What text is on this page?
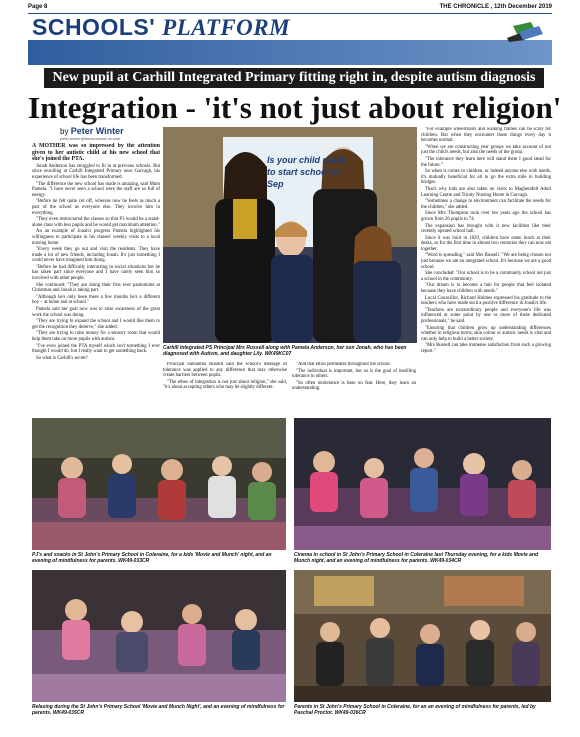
Page 8	THE CHRONICLE , 12th December 2019
SCHOOLS' PLATFORM
New pupil at Carhill Integrated Primary fitting right in, despite autism diagnosis
Integration - 'it's not just about religion'
by Peter Winter
peter.winter@thechronicle.uk.com

A MOTHER was so impressed by the attention given to her autistic child at his new school that she's joined the PTA.

Jonah Anderson has struggled to fit in at previous schools. But since enrolling at Carhill Integrated Primary near Garvagh, his experience of school life has been transformed.

"The difference the new school has made is amazing, said Mum Pamela. "I have never seen a school were the staff are so full of energy.

"Before he felt quite cut off, whereas now he feels as much a part of the school as everyone else. They involve him in everything.

"They even restructured the classes so that P3 would be a stand-alone class with less pupils and he would get maximum attention."

An an example of Jonah's progress Pamela highlighted his willingness to participate in his classes' weekly visits to a local nursing home.

"Every week they go out and visit the residents. They have made a lot of new friends, including Jonah. It's just something I could never have imagined him doing.

"Before he had difficulty interacting in social situations but he has taken part since everyone and I have rarely seen him so involved with other people.

She continued: "They are doing their first ever pantomime at Christmas and Jonah is taking part.

"Although he's only been there a few months he's a different boy – at home and at school."

Pamela said her goal now was to raise awareness of the great work the school was doing.

"They are trying to expand the school and I would like them to get the recognition they deserve," she added.

"They are trying to raise money for a sensory room that would help them take on more pupils with autism.

"I've even joined the PTA myself which isn't something I ever thought I would do, but I really want to get something back.

So what is Carhill's secret?

Is your child ready
to start school in
Sep
Carhill Integrated PS Principal Mrs Russell along with Pamela Anderson, her son Jonah, who has been diagnosed with Autism, and daughter Lily. WK49KC07

Principal Samantha Russell said the school's message of tolerance was applied to any difference that may otherwise create barriers between pupils.

"The ethos of integration is not just about religion," she said, "it's about accepting others who may be slightly different.

"And that ethos permeates throughout the school.

"The individual is important, but so is the goal of instilling tolerance in others.

"So often intolerance is base on fear. Here, they learn an understanding.

"For example wheelchairs and walking frames can be scary for children. But when they encounter those things every day it becomes normal.

"When we are constructing year groups we take account of not just the child's needs, but also the needs of the group.

"The tolerance they learn here will stand them I good stead for the future."

So when it comes to children, or indeed anyone else with needs, it's mutually beneficial for all to go the extra mile in building bridges.

That's why kids are also taken on visits to Magherafelt Adult Learning Centre and Trinity Nursing Home in Garvagh.

"Sometimes a change in environment can facilitate the needs for the children," she added.

Since Mrs Thompson took over ten years ago the school has grown from 26 pupils to 74.

The expansion has brought with it new facilities like their recently opened school hall.

Since it was built in 1829, children have eaten lunch at their desks, so for the first time in almost two centuries they can now eat together.

"Word is spreading," said Mrs Russell. "We are being chosen not just because we are an integrated school. It's because we are a good school.

She concluded: "Our school is to be a community school not just a school in the community.

"Our dream is to become a hub for people that feel isolated because they have children with needs."

Local Councillor, Richard Holmes expressed his gratitude to the teachers who have made such a positive difference in Jonah's life.

"Teachers are extraordinary people and everyone's life was influenced at some point by one or more of these dedicated professionals," he said.

"Ensuring that children grow up understanding differences whether in religious terms, skin colour or autistic needs is vital and can only help to build a better society.

"Mrs Russell can take immense satisfaction from such a glowing report."

PJ's and snacks in St John's Primary School in Coleraine, for a kids 'Movie and Munch' night, and an evening of mindfulness for parents. WK49-033CR
Cinema in school in St John's Primary School in Coleraine last Thursday evening, for a kids Movie and Munch night, and an evening of mindfulness for parents. WK49-034CR
Relaxing during the St John's Primary School 'Movie and Munch Night', and an evening of mindfulness for parents. WK49-035CR
Parents in St John's Primary School in Coleraine, for an an evening of mindfulness for parents, led by Paschal Proctor. WK49-036CR
